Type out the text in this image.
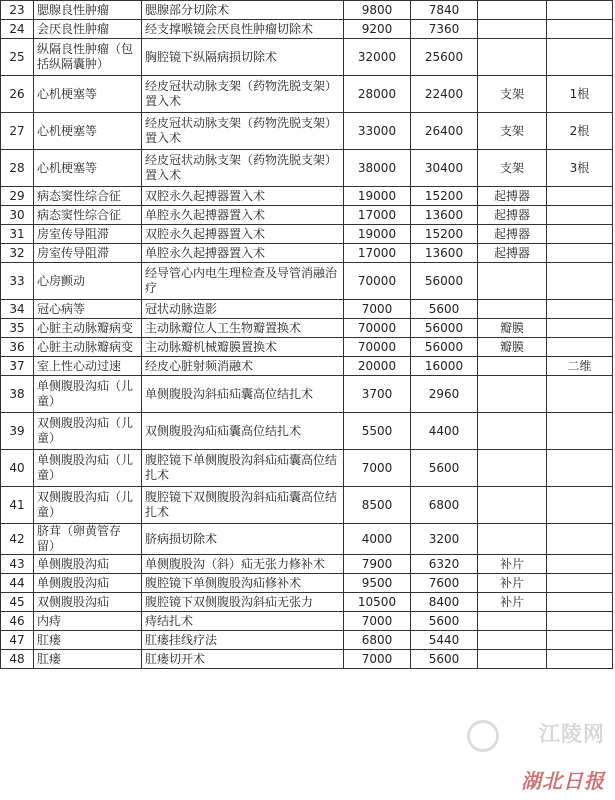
23	腮腺良性肿瘤	腮腺部分切除术	9800	7840		
24	会厌良性肿瘤	经支撑喉镜会厌良性肿瘤切除术	9200	7360		
25	纵隔良性肿瘤（包括纵隔囊肿）	胸腔镜下纵隔病损切除术	32000	25600		
26	心机梗塞等	经皮冠状动脉支架（药物洗脱支架）置入术	28000	22400	支架	1根
27	心机梗塞等	经皮冠状动脉支架（药物洗脱支架）置入术	33000	26400	支架	2根
28	心机梗塞等	经皮冠状动脉支架（药物洗脱支架）置入术	38000	30400	支架	3根
29	病态窦性综合征	双腔永久起搏器置入术	19000	15200	起搏器	
30	病态窦性综合征	单腔永久起搏器置入术	17000	13600	起搏器	
31	房室传导阻滞	双腔永久起搏器置入术	19000	15200	起搏器	
32	房室传导阻滞	单腔永久起搏器置入术	17000	13600	起搏器	
33	心房颤动	经导管心内电生理检查及导管消融治疗	70000	56000		
34	冠心病等	冠状动脉造影	7000	5600		
35	心脏主动脉瓣病变	主动脉瓣位人工生物瓣置换术	70000	56000	瓣膜	
36	心脏主动脉瓣病变	主动脉瓣机械瓣膜置换术	70000	56000	瓣膜	
37	室上性心动过速	经皮心脏射频消融术	20000	16000		二维
38	单侧腹股沟疝（儿童）	单侧腹股沟斜疝疝囊高位结扎术	3700	2960		
39	双侧腹股沟疝（儿童）	双侧腹股沟疝疝囊高位结扎术	5500	4400		
40	单侧腹股沟疝（儿童）	腹腔镜下单侧腹股沟斜疝疝囊高位结扎术	7000	5600		
41	双侧腹股沟疝（儿童）	腹腔镜下双侧腹股沟斜疝疝囊高位结扎术	8500	6800		
42	脐茸（卵黄管存留）	脐病损切除术	4000	3200		
43	单侧腹股沟疝	单侧腹股沟（斜）疝无张力修补术	7900	6320	补片	
44	单侧腹股沟疝	腹腔镜下单侧腹股沟疝修补术	9500	7600	补片	
45	双侧腹股沟疝	腹腔镜下双侧腹股沟斜疝无张力	10500	8400	补片	
46	内痔	痔结扎术	7000	5600		
47	肛瘘	肛瘘挂线疗法	6800	5440		
48	肛瘘	肛瘘切开术	7000	5600		
江陵网
湖北日报
